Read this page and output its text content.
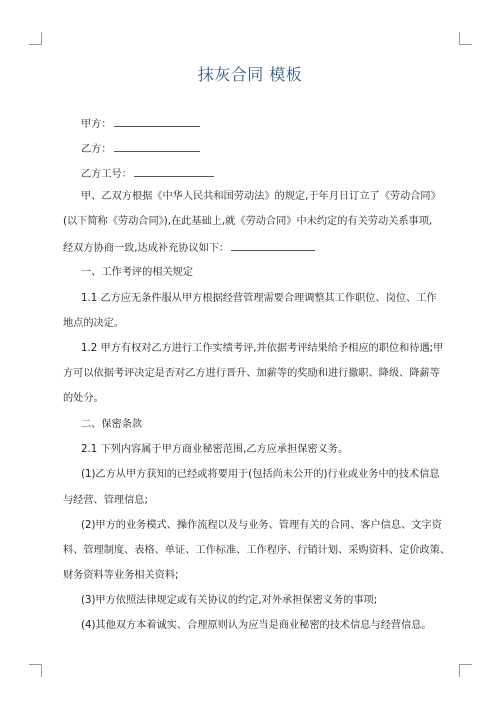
抹灰合同 模板
甲方：
乙方：
乙方工号：
甲、乙双方根据《中华人民共和国劳动法》的规定,于年月日订立了《劳动合同》
(以下简称《劳动合同》),在此基础上,就《劳动合同》中未约定的有关劳动关系事项,
经双方协商一致,达成补充协议如下：
一、工作考评的相关规定
1.1 乙方应无条件服从甲方根据经营管理需要合理调整其工作职位、岗位、工作
地点的决定。
1.2 甲方有权对乙方进行工作实绩考评,并依据考评结果给予相应的职位和待遇;甲
方可以依据考评决定是否对乙方进行晋升、加薪等的奖励和进行撤职、降级、降薪等
的处分。
二、保密条款
2.1 下列内容属于甲方商业秘密范围,乙方应承担保密义务。
(1)乙方从甲方获知的已经或将要用于(包括尚未公开的)行业或业务中的技术信息
与经营、管理信息;
(2)甲方的业务模式、操作流程以及与业务、管理有关的合同、客户信息、文字资
料、管理制度、表格、单证、工作标准、工作程序、行销计划、采购资料、定价政策、
财务资料等业务相关资料;
(3)甲方依照法律规定或有关协议的约定,对外承担保密义务的事项;
(4)其他双方本着诚实、合理原则认为应当是商业秘密的技术信息与经营信息。
